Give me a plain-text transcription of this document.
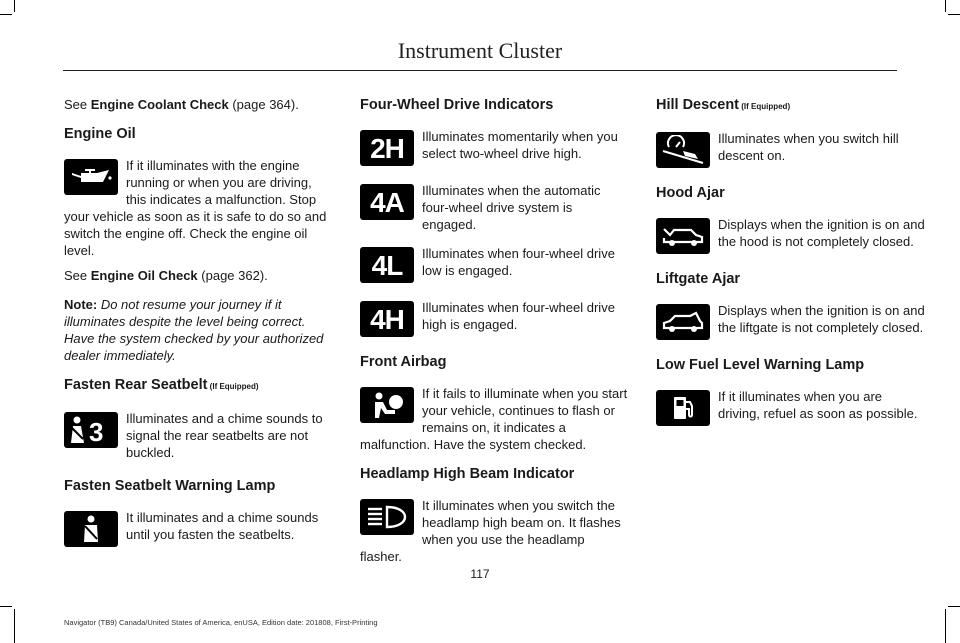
Instrument Cluster

See Engine Coolant Check (page 364).

Engine Oil
If it illuminates with the engine running or when you are driving, this indicates a malfunction. Stop your vehicle as soon as it is safe to do so and switch the engine off. Check the engine oil level.

See Engine Oil Check (page 362).

Note: Do not resume your journey if it illuminates despite the level being correct. Have the system checked by your authorized dealer immediately.

Fasten Rear Seatbelt (If Equipped)
3 Illuminates and a chime sounds to signal the rear seatbelts are not buckled.
Fasten Seatbelt Warning Lamp
It illuminates and a chime sounds until you fasten the seatbelts.
Four-Wheel Drive Indicators
2H Illuminates momentarily when you select two-wheel drive high.
4A Illuminates when the automatic four-wheel drive system is engaged.
4L Illuminates when four-wheel drive low is engaged.
4H Illuminates when four-wheel drive high is engaged.
Front Airbag
If it fails to illuminate when you start your vehicle, continues to flash or remains on, it indicates a malfunction. Have the system checked.
Headlamp High Beam Indicator
It illuminates when you switch the headlamp high beam on. It flashes when you use the headlamp flasher.
Hill Descent (If Equipped)
Illuminates when you switch hill descent on.
Hood Ajar
Displays when the ignition is on and the hood is not completely closed.
Liftgate Ajar
Displays when the ignition is on and the liftgate is not completely closed.
Low Fuel Level Warning Lamp
If it illuminates when you are driving, refuel as soon as possible.
117
Navigator (TB9) Canada/United States of America, enUSA, Edition date: 201808, First-Printing
